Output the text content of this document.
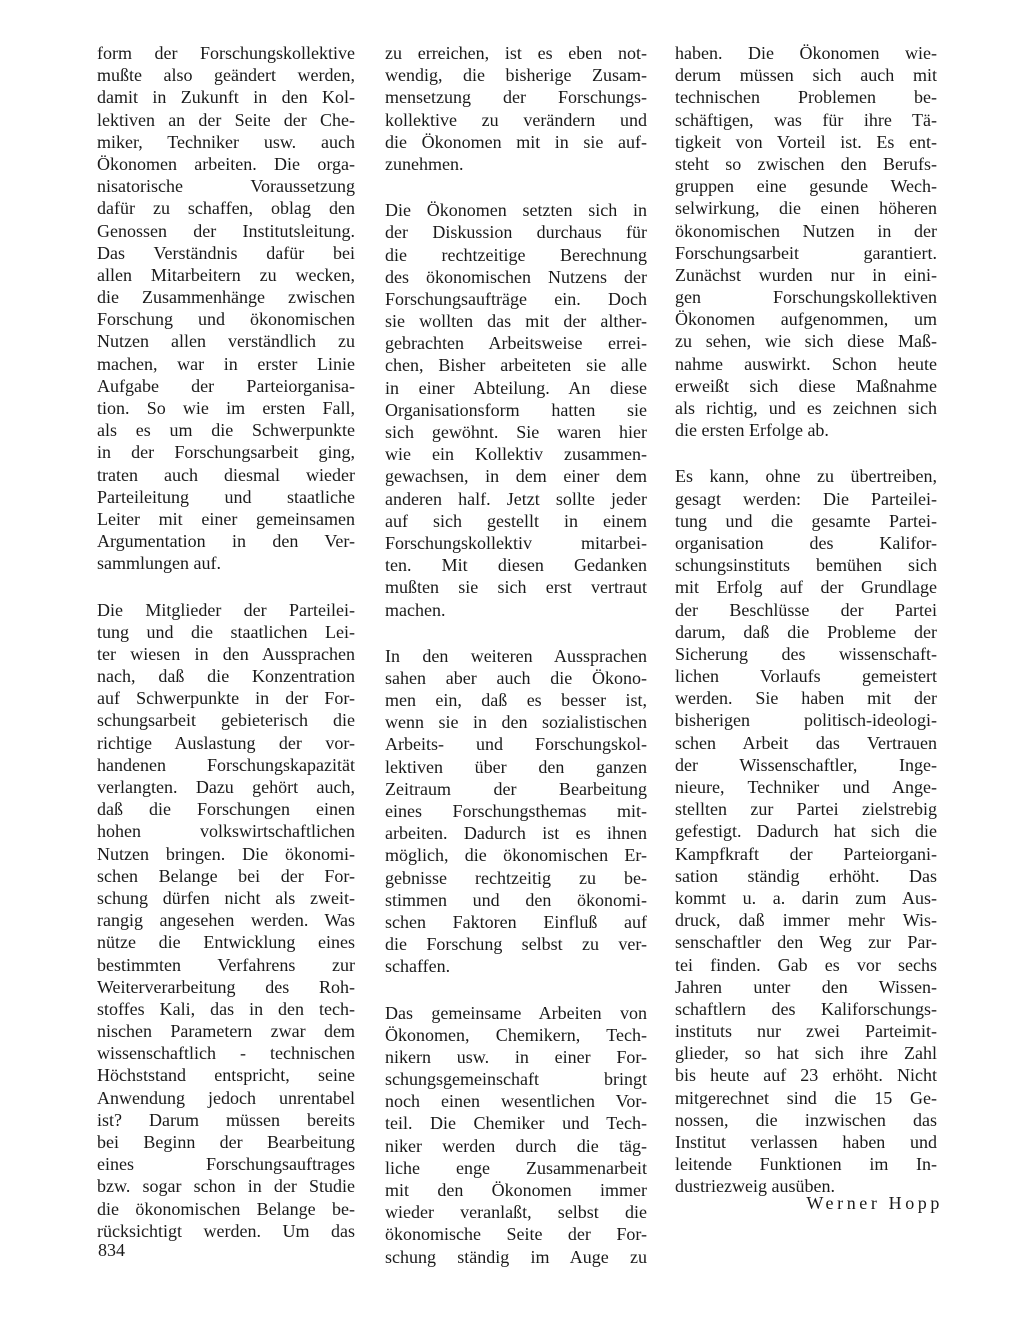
form der Forschungskollektive
mußte also geändert werden,
damit in Zukunft in den Kol-
lektiven an der Seite der Che-
miker, Techniker usw. auch
Ökonomen arbeiten. Die orga-
nisatorische Voraussetzung
dafür zu schaffen, oblag den
Genossen der Institutsleitung.
Das Verständnis dafür bei
allen Mitarbeitern zu wecken,
die Zusammenhänge zwischen
Forschung und ökonomischen
Nutzen allen verständlich zu
machen, war in erster Linie
Aufgabe der Parteiorganisa-
tion. So wie im ersten Fall,
als es um die Schwerpunkte
in der Forschungsarbeit ging,
traten auch diesmal wieder
Parteileitung und staatliche
Leiter mit einer gemeinsamen
Argumentation in den Ver-
sammlungen auf.

Die Mitglieder der Parteilei-
tung und die staatlichen Lei-
ter wiesen in den Aussprachen
nach, daß die Konzentration
auf Schwerpunkte in der For-
schungsarbeit gebieterisch die
richtige Auslastung der vor-
handenen Forschungskapazität
verlangten. Dazu gehört auch,
daß die Forschungen einen
hohen volkswirtschaftlichen
Nutzen bringen. Die ökonomi-
schen Belange bei der For-
schung dürfen nicht als zweit-
rangig angesehen werden. Was
nütze die Entwicklung eines
bestimmten Verfahrens zur
Weiterverarbeitung des Roh-
stoffes Kali, das in den tech-
nischen Parametern zwar dem
wissenschaftlich - technischen
Höchststand entspricht, seine
Anwendung jedoch unrentabel
ist? Darum müssen bereits
bei Beginn der Bearbeitung
eines Forschungsauftrages
bzw. sogar schon in der Studie
die ökonomischen Belange be-
rücksichtigt werden. Um das

zu erreichen, ist es eben not-
wendig, die bisherige Zusam-
mensetzung der Forschungs-
kollektive zu verändern und
die Ökonomen mit in sie auf-
zunehmen.

Die Ökonomen setzten sich in
der Diskussion durchaus für
die rechtzeitige Berechnung
des ökonomischen Nutzens der
Forschungsaufträge ein. Doch
sie wollten das mit der alther-
gebrachten Arbeitsweise errei-
chen, Bisher arbeiteten sie alle
in einer Abteilung. An diese
Organisationsform hatten sie
sich gewöhnt. Sie waren hier
wie ein Kollektiv zusammen-
gewachsen, in dem einer dem
anderen half. Jetzt sollte jeder
auf sich gestellt in einem
Forschungskollektiv mitarbei-
ten. Mit diesen Gedanken
mußten sie sich erst vertraut
machen.

In den weiteren Aussprachen
sahen aber auch die Ökono-
men ein, daß es besser ist,
wenn sie in den sozialistischen
Arbeits- und Forschungskol-
lektiven über den ganzen
Zeitraum der Bearbeitung
eines Forschungsthemas mit-
arbeiten. Dadurch ist es ihnen
möglich, die ökonomischen Er-
gebnisse rechtzeitig zu be-
stimmen und den ökonomi-
schen Faktoren Einfluß auf
die Forschung selbst zu ver-
schaffen.

Das gemeinsame Arbeiten von
Ökonomen, Chemikern, Tech-
nikern usw. in einer For-
schungsgemeinschaft bringt
noch einen wesentlichen Vor-
teil. Die Chemiker und Tech-
niker werden durch die täg-
liche enge Zusammenarbeit
mit den Ökonomen immer
wieder veranlaßt, selbst die
ökonomische Seite der For-
schung ständig im Auge zu

haben. Die Ökonomen wie-
derum müssen sich auch mit
technischen Problemen be-
schäftigen, was für ihre Tä-
tigkeit von Vorteil ist. Es ent-
steht so zwischen den Berufs-
gruppen eine gesunde Wech-
selwirkung, die einen höheren
ökonomischen Nutzen in der
Forschungsarbeit garantiert.
Zunächst wurden nur in eini-
gen Forschungskollektiven
Ökonomen aufgenommen, um
zu sehen, wie sich diese Maß-
nahme auswirkt. Schon heute
erweißt sich diese Maßnahme
als richtig, und es zeichnen sich
die ersten Erfolge ab.

Es kann, ohne zu übertreiben,
gesagt werden: Die Parteilei-
tung und die gesamte Partei-
organisation des Kalifor-
schungsinstituts bemühen sich
mit Erfolg auf der Grundlage
der Beschlüsse der Partei
darum, daß die Probleme der
Sicherung des wissenschaft-
lichen Vorlaufs gemeistert
werden. Sie haben mit der
bisherigen politisch-ideologi-
schen Arbeit das Vertrauen
der Wissenschaftler, Inge-
nieure, Techniker und Ange-
stellten zur Partei zielstrebig
gefestigt. Dadurch hat sich die
Kampfkraft der Parteiorgani-
sation ständig erhöht. Das
kommt u. a. darin zum Aus-
druck, daß immer mehr Wis-
senschaftler den Weg zur Par-
tei finden. Gab es vor sechs
Jahren unter den Wissen-
schaftlern des Kaliforschungs-
instituts nur zwei Parteimit-
glieder, so hat sich ihre Zahl
bis heute auf 23 erhöht. Nicht
mitgerechnet sind die 15 Ge-
nossen, die inzwischen das
Institut verlassen haben und
leitende Funktionen im In-
dustriezweig ausüben.

Werner Hopp
834
